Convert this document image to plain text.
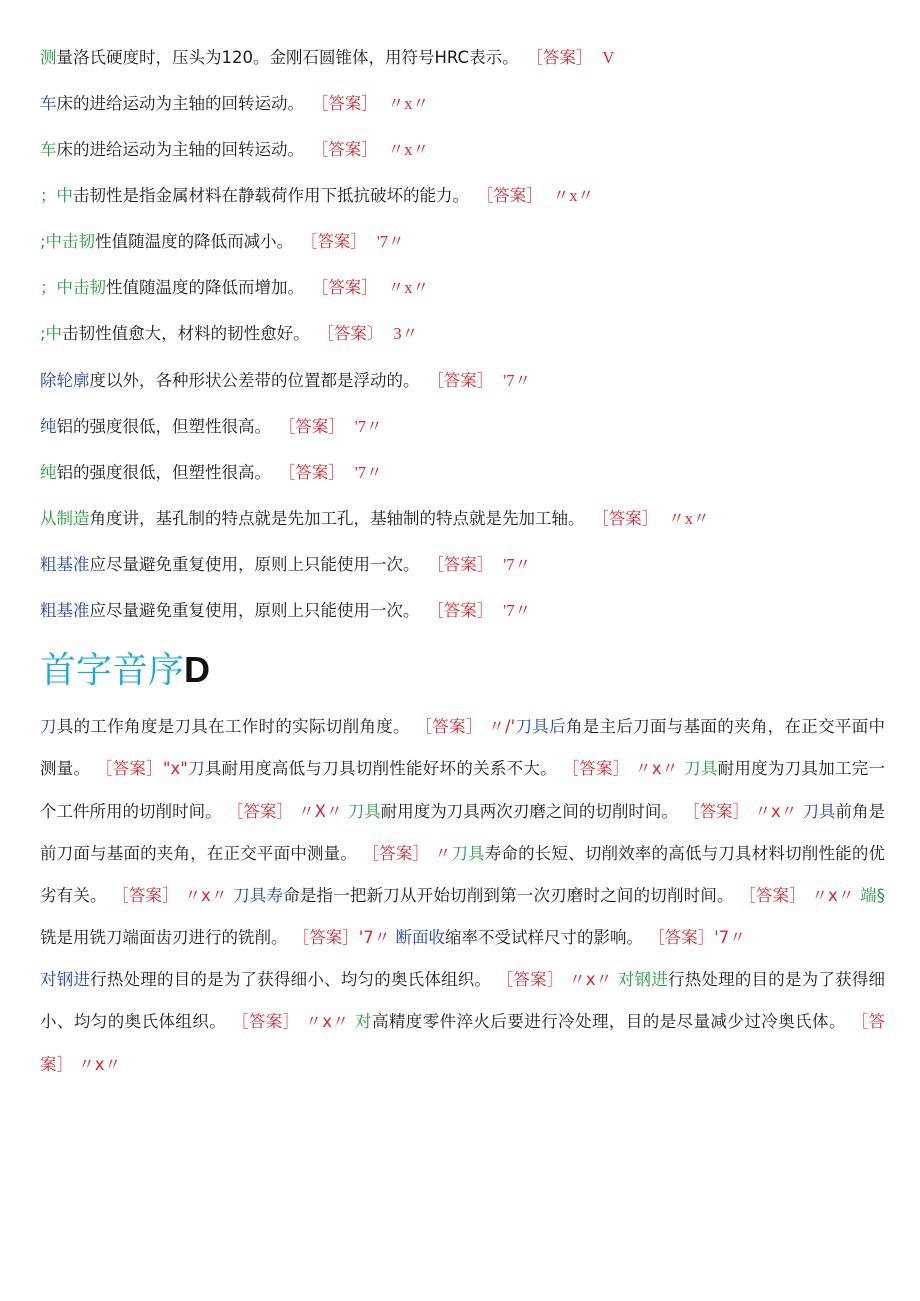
测量洛氏硬度时，压头为120。金刚石圆锥体，用符号HRC表示。 ［答案］ V
车床的进给运动为主轴的回转运动。 ［答案］ 〃x〃
车床的进给运动为主轴的回转运动。 ［答案］ 〃x〃
；中击韧性是指金属材料在静载荷作用下抵抗破坏的能力。 ［答案］ 〃x〃
;中击韧性值随温度的降低而减小。 ［答案］ '7〃
；中击韧性值随温度的降低而增加。 ［答案］ 〃x〃
;中击韧性值愈大，材料的韧性愈好。 ［答案〕 3〃
除轮廓度以外，各种形状公差带的位置都是浮动的。 ［答案］ '7〃
纯铝的强度很低，但塑性很高。 ［答案］ '7〃
纯铝的强度很低，但塑性很高。 ［答案］ '7〃
从制造角度讲，基孔制的特点就是先加工孔，基轴制的特点就是先加工轴。 ［答案］ 〃x〃
粗基准应尽量避免重复使用，原则上只能使用一次。 ［答案］ '7〃
粗基准应尽量避免重复使用，原则上只能使用一次。 ［答案］ '7〃
首字音序D
刀具的工作角度是刀具在工作时的实际切削角度。 ［答案］ 〃/'刀具后角是主后刀面与基面的夹角，在正交平面中测量。 ［答案］"x"刀具耐用度高低与刀具切削性能好坏的关系不大。 ［答案］ 〃x〃 刀具耐用度为刀具加工完一个工件所用的切削时间。 ［答案］ 〃X〃 刀具耐用度为刀具两次刃磨之间的切削时间。 ［答案］ 〃x〃 刀具前角是前刀面与基面的夹角，在正交平面中测量。 ［答案］ 〃刀具寿命的长短、切削效率的高低与刀具材料切削性能的优劣有关。 ［答案］ 〃x〃 刀具寿命是指一把新刀从开始切削到第一次刃磨时之间的切削时间。 ［答案］ 〃x〃 端§铣是用铣刀端面齿刃进行的铣削。 ［答案］'7〃 断面收缩率不受试样尺寸的影响。 ［答案］'7〃
对钢进行热处理的目的是为了获得细小、均匀的奥氏体组织。 ［答案］ 〃x〃 对钢进行热处理的目的是为了获得细小、均匀的奥氏体组织。 ［答案］ 〃x〃 对高精度零件淬火后要进行冷处理，目的是尽量减少过冷奥氏体。 ［答案］ 〃x〃
